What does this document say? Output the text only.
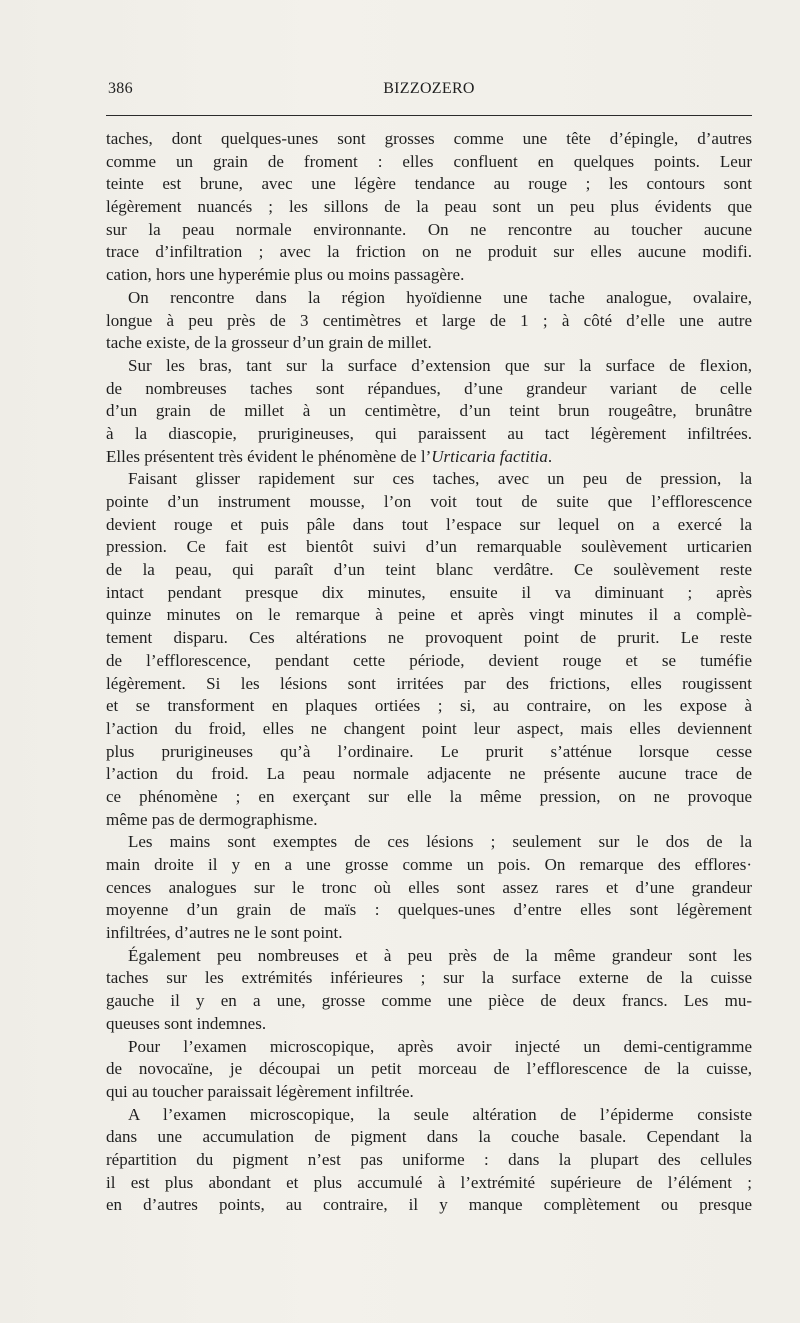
386	BIZZOZERO
taches, dont quelques-unes sont grosses comme une tête d’épingle, d’autres
comme un grain de froment : elles confluent en quelques points. Leur
teinte est brune, avec une légère tendance au rouge ; les contours sont
légèrement nuancés ; les sillons de la peau sont un peu plus évidents que
sur la peau normale environnante. On ne rencontre au toucher aucune
trace d’infiltration ; avec la friction on ne produit sur elles aucune modifi.
cation, hors une hyperémie plus ou moins passagère.
On rencontre dans la région hyoïdienne une tache analogue, ovalaire,
longue à peu près de 3 centimètres et large de 1 ; à côté d’elle une autre
tache existe, de la grosseur d’un grain de millet.
Sur les bras, tant sur la surface d’extension que sur la surface de flexion,
de nombreuses taches sont répandues, d’une grandeur variant de celle
d’un grain de millet à un centimètre, d’un teint brun rougeâtre, brunâtre
à la diascopie, prurigineuses, qui paraissent au tact légèrement infiltrées.
Elles présentent très évident le phénomène de l’Urticaria factitia.
Faisant glisser rapidement sur ces taches, avec un peu de pression, la
pointe d’un instrument mousse, l’on voit tout de suite que l’efflorescence
devient rouge et puis pâle dans tout l’espace sur lequel on a exercé la
pression. Ce fait est bientôt suivi d’un remarquable soulèvement urticarien
de la peau, qui paraît d’un teint blanc verdâtre. Ce soulèvement reste
intact pendant presque dix minutes, ensuite il va diminuant ; après
quinze minutes on le remarque à peine et après vingt minutes il a complè-
tement disparu. Ces altérations ne provoquent point de prurit. Le reste
de l’efflorescence, pendant cette période, devient rouge et se tuméfie
légèrement. Si les lésions sont irritées par des frictions, elles rougissent
et se transforment en plaques ortiées ; si, au contraire, on les expose à
l’action du froid, elles ne changent point leur aspect, mais elles deviennent
plus prurigineuses qu’à l’ordinaire. Le prurit s’atténue lorsque cesse
l’action du froid. La peau normale adjacente ne présente aucune trace de
ce phénomène ; en exerçant sur elle la même pression, on ne provoque
même pas de dermographisme.
Les mains sont exemptes de ces lésions ; seulement sur le dos de la
main droite il y en a une grosse comme un pois. On remarque des efflores·
cences analogues sur le tronc où elles sont assez rares et d’une grandeur
moyenne d’un grain de maïs : quelques-unes d’entre elles sont légèrement
infiltrées, d’autres ne le sont point.
Également peu nombreuses et à peu près de la même grandeur sont les
taches sur les extrémités inférieures ; sur la surface externe de la cuisse
gauche il y en a une, grosse comme une pièce de deux francs. Les mu-
queuses sont indemnes.
Pour l’examen microscopique, après avoir injecté un demi-centigramme
de novocaïne, je découpai un petit morceau de l’efflorescence de la cuisse,
qui au toucher paraissait légèrement infiltrée.
A l’examen microscopique, la seule altération de l’épiderme consiste
dans une accumulation de pigment dans la couche basale. Cependant la
répartition du pigment n’est pas uniforme : dans la plupart des cellules
il est plus abondant et plus accumulé à l’extrémité supérieure de l’élément ;
en d’autres points, au contraire, il y manque complètement ou presque
